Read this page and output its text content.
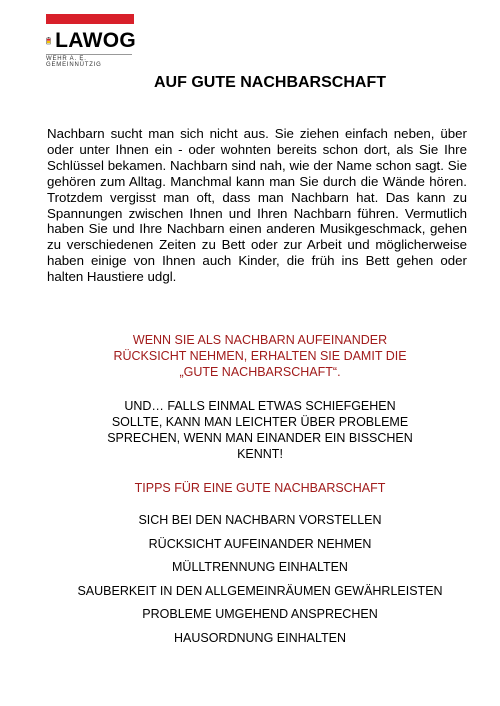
LAWOG
WEHR A. E. GEMEINNÜTZIG
AUF GUTE NACHBARSCHAFT
Nachbarn sucht man sich nicht aus. Sie ziehen einfach neben, über oder unter Ihnen ein - oder wohnten bereits schon dort, als Sie Ihre Schlüssel bekamen. Nachbarn sind nah, wie der Name schon sagt. Sie gehören zum Alltag. Manchmal kann man Sie durch die Wände hören. Trotzdem vergisst man oft, dass man Nachbarn hat. Das kann zu Spannungen zwischen Ihnen und Ihren Nachbarn führen. Vermutlich haben Sie und Ihre Nachbarn einen anderen Musikgeschmack, gehen zu verschiedenen Zeiten zu Bett oder zur Arbeit und möglicherweise haben einige von Ihnen auch Kinder, die früh ins Bett gehen oder halten Haustiere udgl.
WENN SIE ALS NACHBARN AUFEINANDER
RÜCKSICHT NEHMEN, ERHALTEN SIE DAMIT DIE
„GUTE NACHBARSCHAFT“.
UND… FALLS EINMAL ETWAS SCHIEFGEHEN
SOLLTE, KANN MAN LEICHTER ÜBER PROBLEME
SPRECHEN, WENN MAN EINANDER EIN BISSCHEN
KENNT!
TIPPS FÜR EINE GUTE NACHBARSCHAFT
SICH BEI DEN NACHBARN VORSTELLEN
RÜCKSICHT AUFEINANDER NEHMEN
MÜLLTRENNUNG EINHALTEN
SAUBERKEIT IN DEN ALLGEMEINRÄUMEN GEWÄHRLEISTEN
PROBLEME UMGEHEND ANSPRECHEN
HAUSORDNUNG EINHALTEN
